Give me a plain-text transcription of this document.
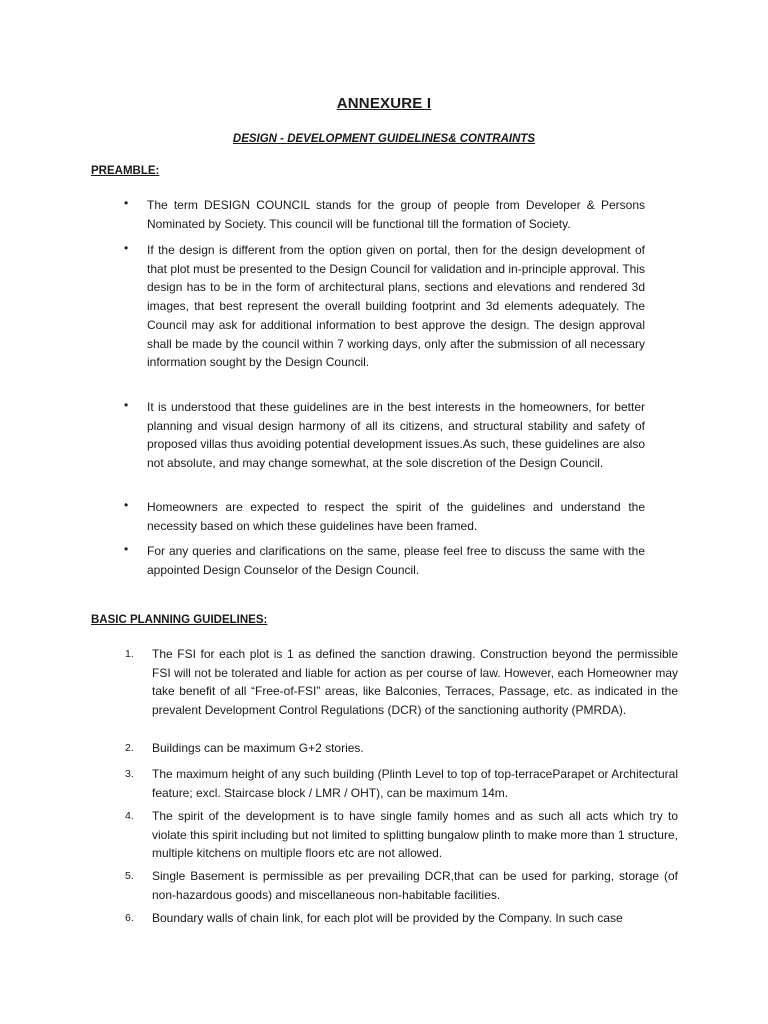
ANNEXURE I
DESIGN - DEVELOPMENT GUIDELINES& CONTRAINTS
PREAMBLE:
• The term DESIGN COUNCIL stands for the group of people from Developer & Persons Nominated by Society. This council will be functional till the formation of Society.
• If the design is different from the option given on portal, then for the design development of that plot must be presented to the Design Council for validation and in-principle approval. This design has to be in the form of architectural plans, sections and elevations and rendered 3d images, that best represent the overall building footprint and 3d elements adequately. The Council may ask for additional information to best approve the design. The design approval shall be made by the council within 7 working days, only after the submission of all necessary information sought by the Design Council.
• It is understood that these guidelines are in the best interests in the homeowners, for better planning and visual design harmony of all its citizens, and structural stability and safety of proposed villas thus avoiding potential development issues.As such, these guidelines are also not absolute, and may change somewhat, at the sole discretion of the Design Council.
• Homeowners are expected to respect the spirit of the guidelines and understand the necessity based on which these guidelines have been framed.
• For any queries and clarifications on the same, please feel free to discuss the same with the appointed Design Counselor of the Design Council.
BASIC PLANNING GUIDELINES:
1. The FSI for each plot is 1 as defined the sanction drawing. Construction beyond the permissible FSI will not be tolerated and liable for action as per course of law. However, each Homeowner may take benefit of all “Free-of-FSI” areas, like Balconies, Terraces, Passage, etc. as indicated in the prevalent Development Control Regulations (DCR) of the sanctioning authority (PMRDA).
2. Buildings can be maximum G+2 stories.
3. The maximum height of any such building (Plinth Level to top of top-terraceParapet or Architectural feature; excl. Staircase block / LMR / OHT), can be maximum 14m.
4. The spirit of the development is to have single family homes and as such all acts which try to violate this spirit including but not limited to splitting bungalow plinth to make more than 1 structure, multiple kitchens on multiple floors etc are not allowed.
5. Single Basement is permissible as per prevailing DCR,that can be used for parking, storage (of non-hazardous goods) and miscellaneous non-habitable facilities.
6. Boundary walls of chain link, for each plot will be provided by the Company. In such case
